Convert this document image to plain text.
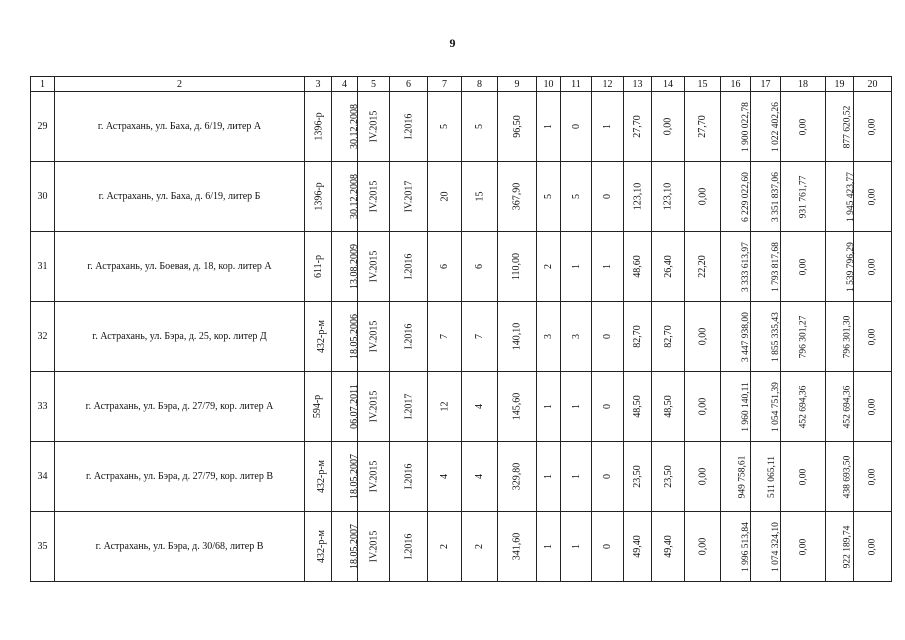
9
1	2	3	4	5	6	7	8	9	10	11	12	13	14	15	16	17	18	19	20
29	г. Астрахань, ул. Баха, д. 6/19, литер А	1396-р	30.12.2008	IV.2015	I.2016	5	5	96,50	1	0	1	27,70	0,00	27,70	1 900 022,78	1 022 402,26	0,00	877 620,52	0,00
30	г. Астрахань, ул. Баха, д. 6/19, литер Б	1396-р	30.12.2008	IV.2015	IV.2017	20	15	367,90	5	5	0	123,10	123,10	0,00	6 229 022,60	3 351 837,06	931 761,77	1 945 423,77	0,00
31	г. Астрахань, ул. Боевая, д. 18, кор. литер А	611-р	13.08.2009	IV.2015	I.2016	6	6	110,00	2	1	1	48,60	26,40	22,20	3 333 613,97	1 793 817,68	0,00	1 539 796,29	0,00
32	г. Астрахань, ул. Бэра, д. 25, кор. литер Д	432-р-м	18.05.2006	IV.2015	I.2016	7	7	140,10	3	3	0	82,70	82,70	0,00	3 447 938,00	1 855 335,43	796 301,27	796 301,30	0,00
33	г. Астрахань, ул. Бэра, д. 27/79, кор. литер А	594-р	06.07.2011	IV.2015	I.2017	12	4	145,60	1	1	0	48,50	48,50	0,00	1 960 140,11	1 054 751,39	452 694,36	452 694,36	0,00
34	г. Астрахань, ул. Бэра, д. 27/79, кор. литер В	432-р-м	18.05.2007	IV.2015	I.2016	4	4	329,80	1	1	0	23,50	23,50	0,00	949 758,61	511 065,11	0,00	438 693,50	0,00
35	г. Астрахань, ул. Бэра, д. 30/68, литер В	432-р-м	18.05.2007	IV.2015	I.2016	2	2	341,60	1	1	0	49,40	49,40	0,00	1 996 513,84	1 074 324,10	0,00	922 189,74	0,00
